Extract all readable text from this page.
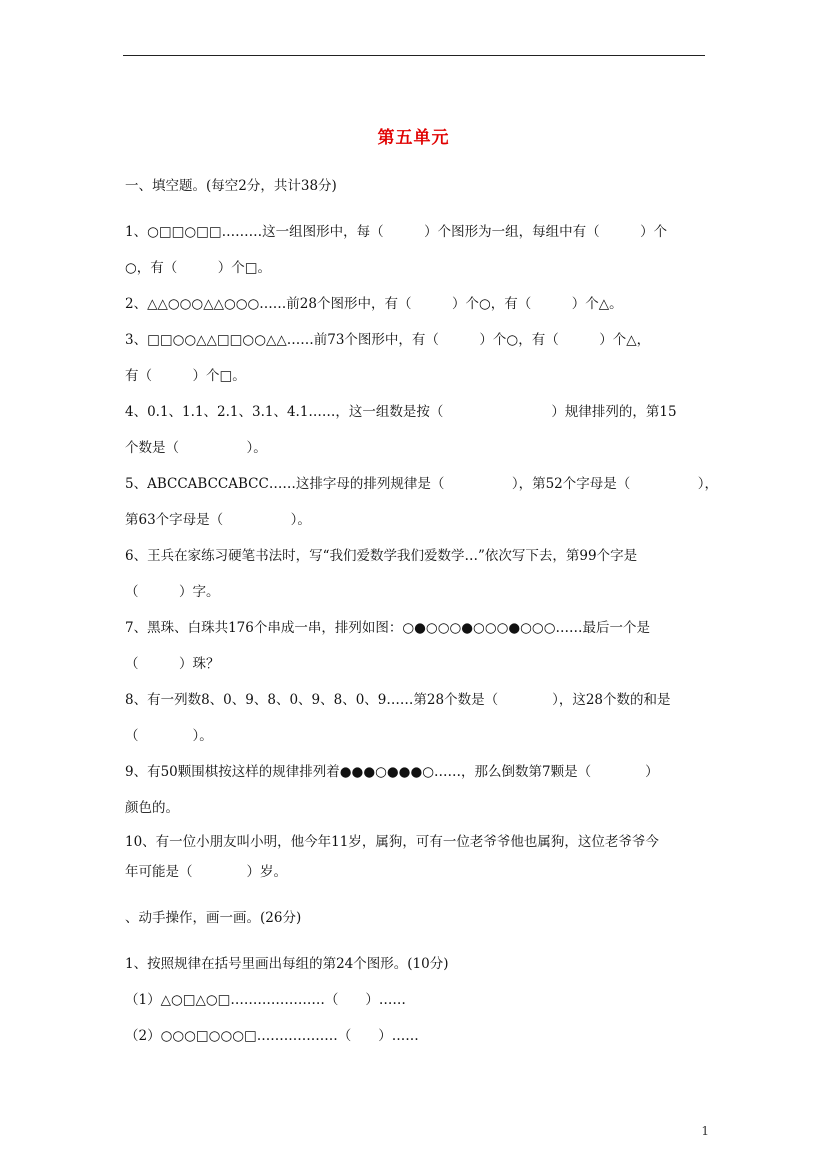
第五单元
一、填空题。(每空2分，共计38分)
1、○□□○□□………这一组图形中，每（　　　）个图形为一组，每组中有（　　　）个
○，有（　　　）个□。
2、△△○○○△△○○○……前28个图形中，有（　　　）个○，有（　　　）个△。
3、□□○○△△□□○○△△……前73个图形中，有（　　　）个○，有（　　　）个△，
有（　　　）个□。
4、0.1、1.1、2.1、3.1、4.1……，这一组数是按（　　　　　　　　）规律排列的，第15
个数是（　　　　　）。
5、ABCCABCCABCC……这排字母的排列规律是（　　　　　），第52个字母是（　　　　　），
第63个字母是（　　　　　）。
6、王兵在家练习硬笔书法时，写“我们爱数学我们爱数学…”依次写下去，第99个字是
（　　　）字。
7、黑珠、白珠共176个串成一串，排列如图：○●○○○●○○○●○○○……最后一个是
（　　　）珠？
8、有一列数8、0、9、8、0、9、8、0、9……第28个数是（　　　　），这28个数的和是
（　　　　）。
9、有50颗围棋按这样的规律排列着●●●○●●●○……，那么倒数第7颗是（　　　　）
颜色的。
10、有一位小朋友叫小明，他今年11岁，属狗，可有一位老爷爷他也属狗，这位老爷爷今
年可能是（　　　　）岁。
、动手操作，画一画。(26分)
1、按照规律在括号里画出每组的第24个图形。(10分)
（1）△○□△○□…………………（　　）……
（2）○○○□○○○□………………（　　）……
1
